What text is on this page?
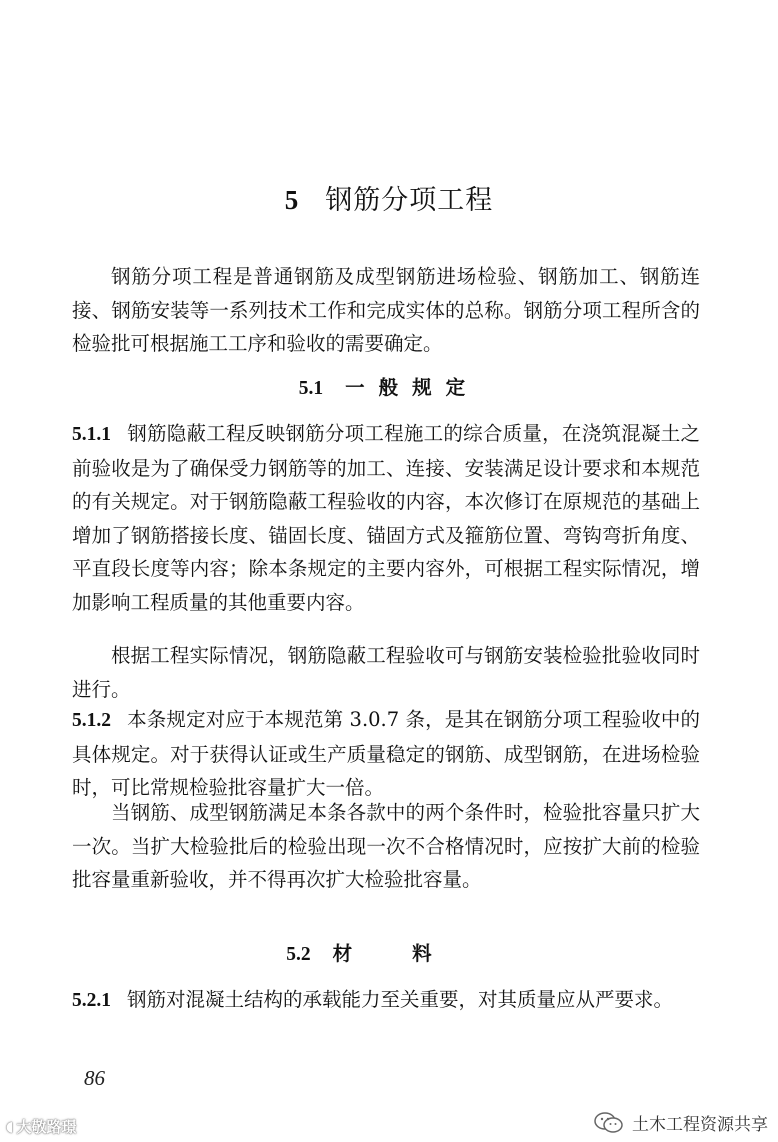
5 钢筋分项工程
钢筋分项工程是普通钢筋及成型钢筋进场检验、钢筋加工、钢筋连接、钢筋安装等一系列技术工作和完成实体的总称。钢筋分项工程所含的检验批可根据施工工序和验收的需要确定。
5.1 一般规定
5.1.1 钢筋隐蔽工程反映钢筋分项工程施工的综合质量，在浇筑混凝土之前验收是为了确保受力钢筋等的加工、连接、安装满足设计要求和本规范的有关规定。对于钢筋隐蔽工程验收的内容，本次修订在原规范的基础上增加了钢筋搭接长度、锚固长度、锚固方式及箍筋位置、弯钩弯折角度、平直段长度等内容；除本条规定的主要内容外，可根据工程实际情况，增加影响工程质量的其他重要内容。
根据工程实际情况，钢筋隐蔽工程验收可与钢筋安装检验批验收同时进行。
5.1.2 本条规定对应于本规范第 3.0.7 条，是其在钢筋分项工程验收中的具体规定。对于获得认证或生产质量稳定的钢筋、成型钢筋，在进场检验时，可比常规检验批容量扩大一倍。
当钢筋、成型钢筋满足本条各款中的两个条件时，检验批容量只扩大一次。当扩大检验批后的检验出现一次不合格情况时，应按扩大前的检验批容量重新验收，并不得再次扩大检验批容量。
5.2 材料
5.2.1 钢筋对混凝土结构的承载能力至关重要，对其质量应从严要求。
86
◖ 大敬路璟	土木工程资源共享
